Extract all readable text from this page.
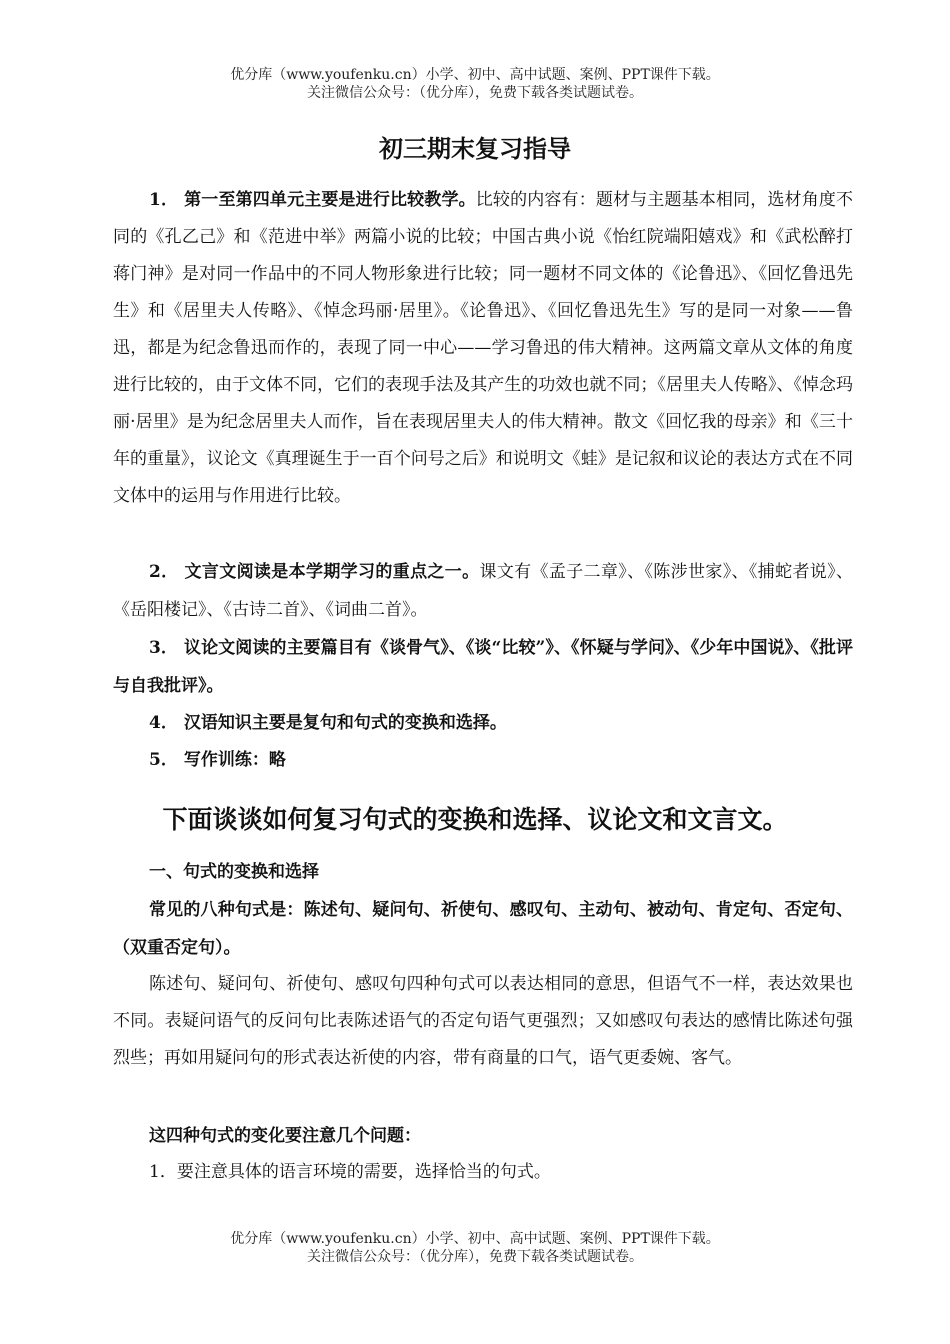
优分库（www.youfenku.cn）小学、初中、高中试题、案例、PPT课件下载。
关注微信公众号：（优分库），免费下载各类试题试卷。
初三期末复习指导
1． 第一至第四单元主要是进行比较教学。比较的内容有：题材与主题基本相同，选材角度不同的《孔乙己》和《范进中举》两篇小说的比较；中国古典小说《怡红院端阳嬉戏》和《武松醉打蒋门神》是对同一作品中的不同人物形象进行比较；同一题材不同文体的《论鲁迅》、《回忆鲁迅先生》和《居里夫人传略》、《悼念玛丽·居里》。《论鲁迅》、《回忆鲁迅先生》写的是同一对象——鲁迅，都是为纪念鲁迅而作的，表现了同一中心——学习鲁迅的伟大精神。这两篇文章从文体的角度进行比较的，由于文体不同，它们的表现手法及其产生的功效也就不同；《居里夫人传略》、《悼念玛丽·居里》是为纪念居里夫人而作，旨在表现居里夫人的伟大精神。散文《回忆我的母亲》和《三十年的重量》，议论文《真理诞生于一百个问号之后》和说明文《蛙》是记叙和议论的表达方式在不同文体中的运用与作用进行比较。
2． 文言文阅读是本学期学习的重点之一。课文有《孟子二章》、《陈涉世家》、《捕蛇者说》、《岳阳楼记》、《古诗二首》、《词曲二首》。
3． 议论文阅读的主要篇目有《谈骨气》、《谈“比较”》、《怀疑与学问》、《少年中国说》、《批评与自我批评》。
4． 汉语知识主要是复句和句式的变换和选择。
5． 写作训练：略
下面谈谈如何复习句式的变换和选择、议论文和文言文。
一、句式的变换和选择
常见的八种句式是：陈述句、疑问句、祈使句、感叹句、主动句、被动句、肯定句、否定句、（双重否定句）。
陈述句、疑问句、祈使句、感叹句四种句式可以表达相同的意思，但语气不一样，表达效果也不同。表疑问语气的反问句比表陈述语气的否定句语气更强烈；又如感叹句表达的感情比陈述句强烈些；再如用疑问句的形式表达祈使的内容，带有商量的口气，语气更委婉、客气。
这四种句式的变化要注意几个问题：
1．要注意具体的语言环境的需要，选择恰当的句式。
优分库（www.youfenku.cn）小学、初中、高中试题、案例、PPT课件下载。
关注微信公众号：（优分库），免费下载各类试题试卷。
